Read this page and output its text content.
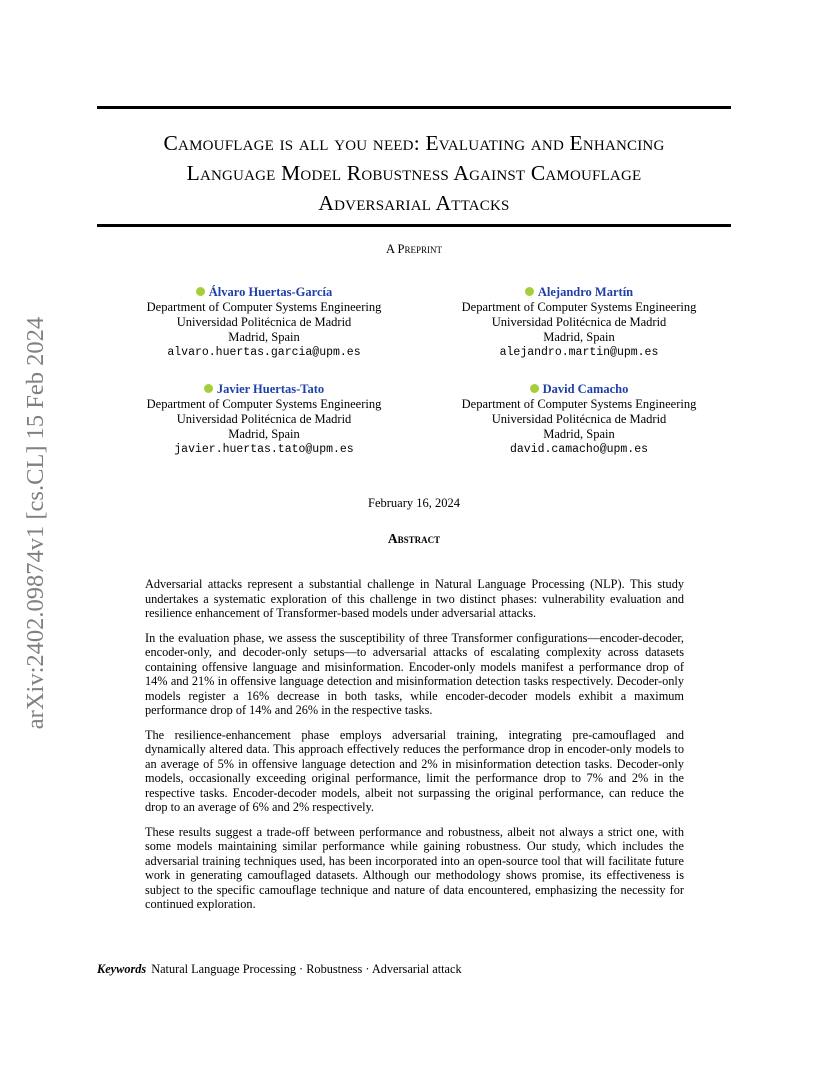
arXiv:2402.09874v1 [cs.CL] 15 Feb 2024
Camouflage is all you need: Evaluating and Enhancing
Language Model Robustness Against Camouflage
Adversarial Attacks
A Preprint
Álvaro Huertas-García
Department of Computer Systems Engineering
Universidad Politécnica de Madrid
Madrid, Spain
alvaro.huertas.garcia@upm.es
Alejandro Martín
Department of Computer Systems Engineering
Universidad Politécnica de Madrid
Madrid, Spain
alejandro.martin@upm.es
Javier Huertas-Tato
Department of Computer Systems Engineering
Universidad Politécnica de Madrid
Madrid, Spain
javier.huertas.tato@upm.es
David Camacho
Department of Computer Systems Engineering
Universidad Politécnica de Madrid
Madrid, Spain
david.camacho@upm.es
February 16, 2024
Abstract

Adversarial attacks represent a substantial challenge in Natural Language Processing (NLP). This study undertakes a systematic exploration of this challenge in two distinct phases: vulnerability evaluation and resilience enhancement of Transformer-based models under adversarial attacks.

In the evaluation phase, we assess the susceptibility of three Transformer configurations—encoder-decoder, encoder-only, and decoder-only setups—to adversarial attacks of escalating complexity across datasets containing offensive language and misinformation. Encoder-only models manifest a performance drop of 14% and 21% in offensive language detection and misinformation detection tasks respectively. Decoder-only models register a 16% decrease in both tasks, while encoder-decoder models exhibit a maximum performance drop of 14% and 26% in the respective tasks.

The resilience-enhancement phase employs adversarial training, integrating pre-camouflaged and dynamically altered data. This approach effectively reduces the performance drop in encoder-only models to an average of 5% in offensive language detection and 2% in misinformation detection tasks. Decoder-only models, occasionally exceeding original performance, limit the performance drop to 7% and 2% in the respective tasks. Encoder-decoder models, albeit not surpassing the original performance, can reduce the drop to an average of 6% and 2% respectively.

These results suggest a trade-off between performance and robustness, albeit not always a strict one, with some models maintaining similar performance while gaining robustness. Our study, which includes the adversarial training techniques used, has been incorporated into an open-source tool that will facilitate future work in generating camouflaged datasets. Although our methodology shows promise, its effectiveness is subject to the specific camouflage technique and nature of data encountered, emphasizing the necessity for continued exploration.

Keywords Natural Language Processing · Robustness · Adversarial attack
